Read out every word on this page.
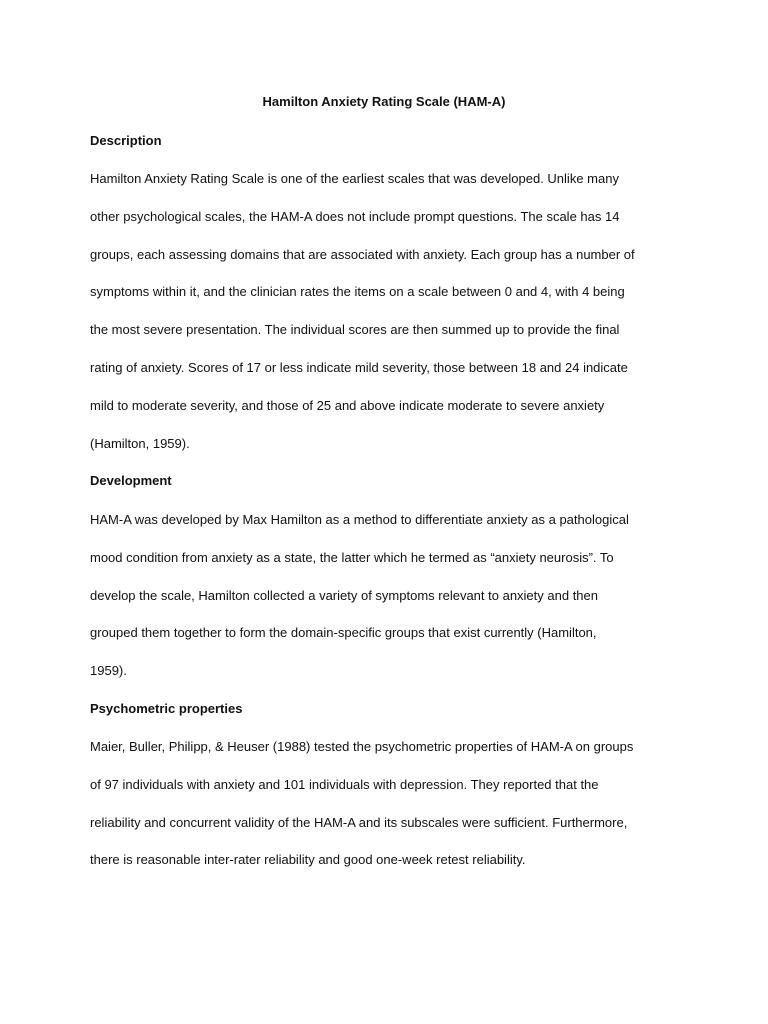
Hamilton Anxiety Rating Scale (HAM-A)
Description
Hamilton Anxiety Rating Scale is one of the earliest scales that was developed. Unlike many
other psychological scales, the HAM-A does not include prompt questions. The scale has 14
groups, each assessing domains that are associated with anxiety. Each group has a number of
symptoms within it, and the clinician rates the items on a scale between 0 and 4, with 4 being
the most severe presentation. The individual scores are then summed up to provide the final
rating of anxiety. Scores of 17 or less indicate mild severity, those between 18 and 24 indicate
mild to moderate severity, and those of 25 and above indicate moderate to severe anxiety
(Hamilton, 1959).
Development
HAM-A was developed by Max Hamilton as a method to differentiate anxiety as a pathological
mood condition from anxiety as a state, the latter which he termed as “anxiety neurosis”. To
develop the scale, Hamilton collected a variety of symptoms relevant to anxiety and then
grouped them together to form the domain-specific groups that exist currently (Hamilton,
1959).
Psychometric properties
Maier, Buller, Philipp, & Heuser (1988) tested the psychometric properties of HAM-A on groups
of 97 individuals with anxiety and 101 individuals with depression. They reported that the
reliability and concurrent validity of the HAM-A and its subscales were sufficient. Furthermore,
there is reasonable inter-rater reliability and good one-week retest reliability.
